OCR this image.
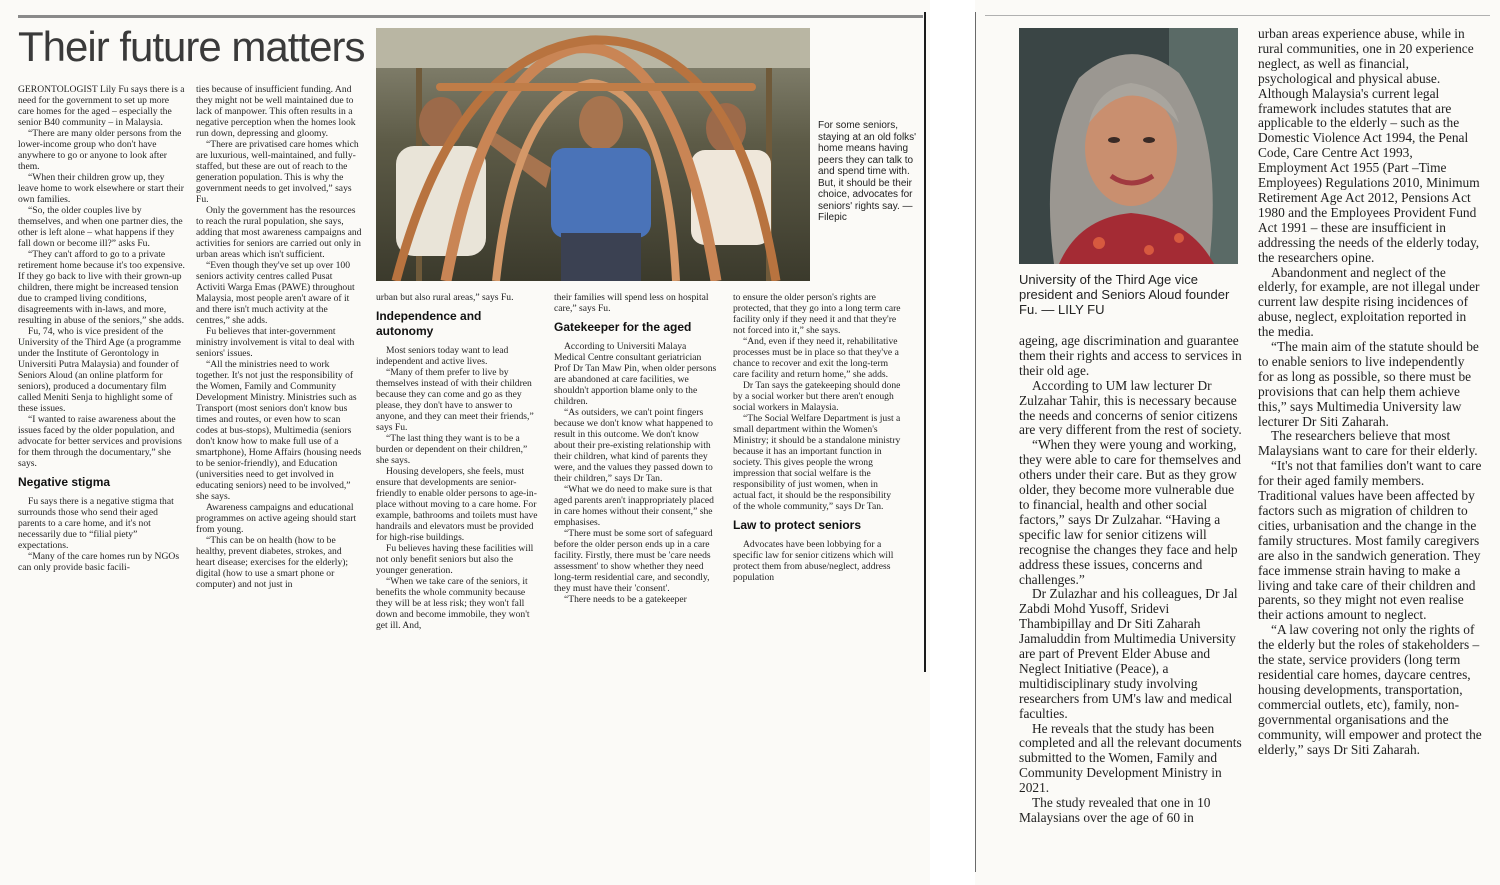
Their future matters
For some seniors, staying at an old folks' home means having peers they can talk to and spend time with. But, it should be their choice, advocates for seniors' rights say. — Filepic

GERONTOLOGIST Lily Fu says there is a need for the government to set up more care homes for the aged – especially the senior B40 community – in Malaysia.

“There are many older persons from the lower-income group who don't have anywhere to go or anyone to look after them.

“When their children grow up, they leave home to work elsewhere or start their own families.

“So, the older couples live by themselves, and when one partner dies, the other is left alone – what happens if they fall down or become ill?” asks Fu.

“They can't afford to go to a private retirement home because it's too expensive. If they go back to live with their grown-up children, there might be increased tension due to cramped living conditions, disagreements with in-laws, and more, resulting in abuse of the seniors,” she adds.

Fu, 74, who is vice president of the University of the Third Age (a programme under the Institute of Gerontology in Universiti Putra Malaysia) and founder of Seniors Aloud (an online platform for seniors), produced a documentary film called Meniti Senja to highlight some of these issues.

“I wanted to raise awareness about the issues faced by the older population, and advocate for better services and provisions for them through the documentary,” she says.

Negative stigma

Fu says there is a negative stigma that surrounds those who send their aged parents to a care home, and it's not necessarily due to “filial piety” expectations.

“Many of the care homes run by NGOs can only provide basic facili-

ties because of insufficient funding. And they might not be well maintained due to lack of manpower. This often results in a negative perception when the homes look run down, depressing and gloomy.

“There are privatised care homes which are luxurious, well-maintained, and fully-staffed, but these are out of reach to the generation population. This is why the government needs to get involved,” says Fu.

Only the government has the resources to reach the rural population, she says, adding that most awareness campaigns and activities for seniors are carried out only in urban areas which isn't sufficient.

“Even though they've set up over 100 seniors activity centres called Pusat Activiti Warga Emas (PAWE) throughout Malaysia, most people aren't aware of it and there isn't much activity at the centres,” she adds.

Fu believes that inter-government ministry involvement is vital to deal with seniors' issues.

“All the ministries need to work together. It's not just the responsibility of the Women, Family and Community Development Ministry. Ministries such as Transport (most seniors don't know bus times and routes, or even how to scan codes at bus-stops), Multimedia (seniors don't know how to make full use of a smartphone), Home Affairs (housing needs to be senior-friendly), and Education (universities need to get involved in educating seniors) need to be involved,” she says.

Awareness campaigns and educational programmes on active ageing should start from young.

“This can be on health (how to be healthy, prevent diabetes, strokes, and heart disease; exercises for the elderly); digital (how to use a smart phone or computer) and not just in

urban but also rural areas,” says Fu.

Independence and autonomy

Most seniors today want to lead independent and active lives.

“Many of them prefer to live by themselves instead of with their children because they can come and go as they please, they don't have to answer to anyone, and they can meet their friends,” says Fu.

“The last thing they want is to be a burden or dependent on their children,” she says.

Housing developers, she feels, must ensure that developments are senior-friendly to enable older persons to age-in-place without moving to a care home. For example, bathrooms and toilets must have handrails and elevators must be provided for high-rise buildings.

Fu believes having these facilities will not only benefit seniors but also the younger generation.

“When we take care of the seniors, it benefits the whole community because they will be at less risk; they won't fall down and become immobile, they won't get ill. And,

their families will spend less on hospital care,” says Fu.

Gatekeeper for the aged

According to Universiti Malaya Medical Centre consultant geriatrician Prof Dr Tan Maw Pin, when older persons are abandoned at care facilities, we shouldn't apportion blame only to the children.

“As outsiders, we can't point fingers because we don't know what happened to result in this outcome. We don't know about their pre-existing relationship with their children, what kind of parents they were, and the values they passed down to their children,” says Dr Tan.

“What we do need to make sure is that aged parents aren't inappropriately placed in care homes without their consent,” she emphasises.

“There must be some sort of safeguard before the older person ends up in a care facility. Firstly, there must be 'care needs assessment' to show whether they need long-term residential care, and secondly, they must have their 'consent'.

“There needs to be a gatekeeper

to ensure the older person's rights are protected, that they go into a long term care facility only if they need it and that they're not forced into it,” she says.

“And, even if they need it, rehabilitative processes must be in place so that they've a chance to recover and exit the long-term care facility and return home,” she adds.

Dr Tan says the gatekeeping should done by a social worker but there aren't enough social workers in Malaysia.

“The Social Welfare Department is just a small department within the Women's Ministry; it should be a standalone ministry because it has an important function in society. This gives people the wrong impression that social welfare is the responsibility of just women, when in actual fact, it should be the responsibility of the whole community,” says Dr Tan.

Law to protect seniors

Advocates have been lobbying for a specific law for senior citizens which will protect them from abuse/neglect, address population

University of the Third Age vice president and Seniors Aloud founder Fu. — LILY FU

ageing, age discrimination and guarantee them their rights and access to services in their old age.

According to UM law lecturer Dr Zulzahar Tahir, this is necessary because the needs and concerns of senior citizens are very different from the rest of society.

“When they were young and working, they were able to care for themselves and others under their care. But as they grow older, they become more vulnerable due to financial, health and other social factors,” says Dr Zulzahar. “Having a specific law for senior citizens will recognise the changes they face and help address these issues, concerns and challenges.”

Dr Zulazhar and his colleagues, Dr Jal Zabdi Mohd Yusoff, Sridevi Thambipillay and Dr Siti Zaharah Jamaluddin from Multimedia University are part of Prevent Elder Abuse and Neglect Initiative (Peace), a multidisciplinary study involving researchers from UM's law and medical faculties.

He reveals that the study has been completed and all the relevant documents submitted to the Women, Family and Community Development Ministry in 2021.

The study revealed that one in 10 Malaysians over the age of 60 in

urban areas experience abuse, while in rural communities, one in 20 experience neglect, as well as financial, psychological and physical abuse. Although Malaysia's current legal framework includes statutes that are applicable to the elderly – such as the Domestic Violence Act 1994, the Penal Code, Care Centre Act 1993, Employment Act 1955 (Part –Time Employees) Regulations 2010, Minimum Retirement Age Act 2012, Pensions Act 1980 and the Employees Provident Fund Act 1991 – these are insufficient in addressing the needs of the elderly today, the researchers opine.

Abandonment and neglect of the elderly, for example, are not illegal under current law despite rising incidences of abuse, neglect, exploitation reported in the media.

“The main aim of the statute should be to enable seniors to live independently for as long as possible, so there must be provisions that can help them achieve this,” says Multimedia University law lecturer Dr Siti Zaharah.

The researchers believe that most Malaysians want to care for their elderly.

“It's not that families don't want to care for their aged family members. Traditional values have been affected by factors such as migration of children to cities, urbanisation and the change in the family structures. Most family caregivers are also in the sandwich generation. They face immense strain having to make a living and take care of their children and parents, so they might not even realise their actions amount to neglect.

“A law covering not only the rights of the elderly but the roles of stakeholders – the state, service providers (long term residential care homes, daycare centres, housing developments, transportation, commercial outlets, etc), family, non-governmental organisations and the community, will empower and protect the elderly,” says Dr Siti Zaharah.
